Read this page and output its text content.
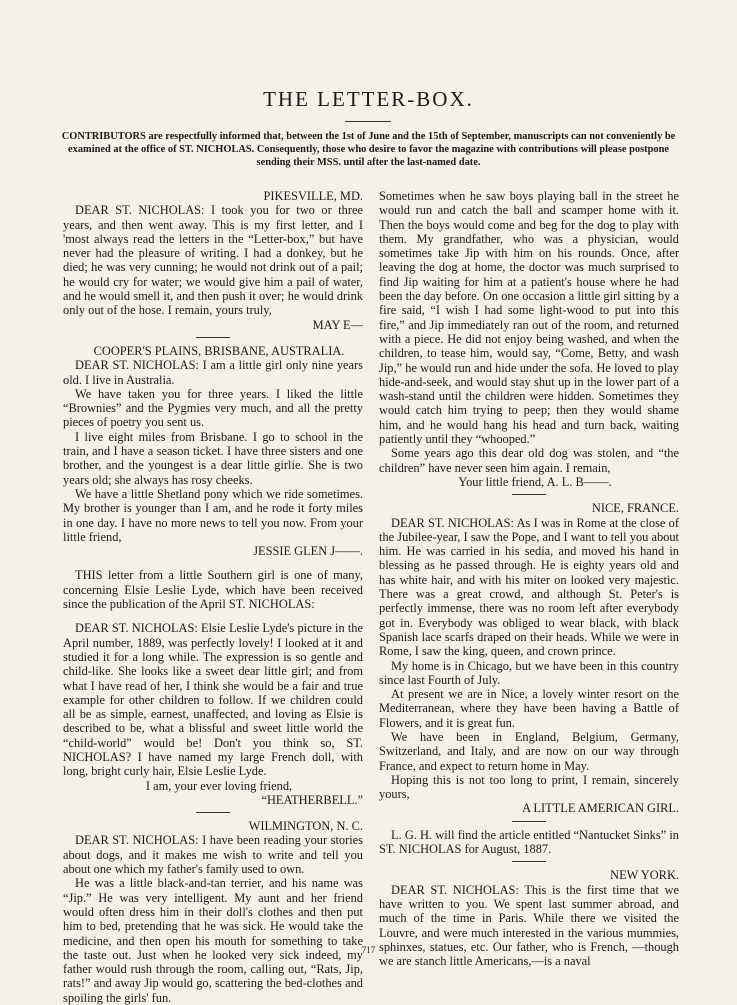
THE LETTER-BOX.
CONTRIBUTORS are respectfully informed that, between the 1st of June and the 15th of September, manuscripts can not conveniently be examined at the office of ST. NICHOLAS. Consequently, those who desire to favor the magazine with contributions will please postpone sending their MSS. until after the last-named date.

PIKESVILLE, MD.

DEAR ST. NICHOLAS: I took you for two or three years, and then went away. This is my first letter, and I 'most always read the letters in the “Letter-box,” but have never had the pleasure of writing. I had a donkey, but he died; he was very cunning; he would not drink out of a pail; he would cry for water; we would give him a pail of water, and he would smell it, and then push it over; he would drink only out of the hose. I remain, yours truly,

MAY E—

COOPER'S PLAINS, BRISBANE, AUSTRALIA.

DEAR ST. NICHOLAS: I am a little girl only nine years old. I live in Australia.

We have taken you for three years. I liked the little “Brownies” and the Pygmies very much, and all the pretty pieces of poetry you sent us.

I live eight miles from Brisbane. I go to school in the train, and I have a season ticket. I have three sisters and one brother, and the youngest is a dear little girlie. She is two years old; she always has rosy cheeks.

We have a little Shetland pony which we ride sometimes. My brother is younger than I am, and he rode it forty miles in one day. I have no more news to tell you now. From your little friend,

JESSIE GLEN J——.

THIS letter from a little Southern girl is one of many, concerning Elsie Leslie Lyde, which have been received since the publication of the April ST. NICHOLAS:

DEAR ST. NICHOLAS: Elsie Leslie Lyde's picture in the April number, 1889, was perfectly lovely! I looked at it and studied it for a long while. The expression is so gentle and child-like. She looks like a sweet dear little girl; and from what I have read of her, I think she would be a fair and true example for other children to follow. If we children could all be as simple, earnest, unaffected, and loving as Elsie is described to be, what a blissful and sweet little world the “child-world” would be! Don't you think so, ST. NICHOLAS? I have named my large French doll, with long, bright curly hair, Elsie Leslie Lyde.

I am, your ever loving friend,

“HEATHERBELL.”

WILMINGTON, N. C.

DEAR ST. NICHOLAS: I have been reading your stories about dogs, and it makes me wish to write and tell you about one which my father's family used to own.

He was a little black-and-tan terrier, and his name was “Jip.” He was very intelligent. My aunt and her friend would often dress him in their doll's clothes and then put him to bed, pretending that he was sick. He would take the medicine, and then open his mouth for something to take the taste out. Just when he looked very sick indeed, my father would rush through the room, calling out, “Rats, Jip, rats!” and away Jip would go, scattering the bed-clothes and spoiling the girls' fun.

Sometimes when he saw boys playing ball in the street he would run and catch the ball and scamper home with it. Then the boys would come and beg for the dog to play with them. My grandfather, who was a physician, would sometimes take Jip with him on his rounds. Once, after leaving the dog at home, the doctor was much surprised to find Jip waiting for him at a patient's house where he had been the day before. On one occasion a little girl sitting by a fire said, “I wish I had some light-wood to put into this fire,” and Jip immediately ran out of the room, and returned with a piece. He did not enjoy being washed, and when the children, to tease him, would say, “Come, Betty, and wash Jip,” he would run and hide under the sofa. He loved to play hide-and-seek, and would stay shut up in the lower part of a wash-stand until the children were hidden. Sometimes they would catch him trying to peep; then they would shame him, and he would hang his head and turn back, waiting patiently until they “whooped.”

Some years ago this dear old dog was stolen, and “the children” have never seen him again. I remain,

Your little friend, A. L. B——.

NICE, FRANCE.

DEAR ST. NICHOLAS: As I was in Rome at the close of the Jubilee-year, I saw the Pope, and I want to tell you about him. He was carried in his sedia, and moved his hand in blessing as he passed through. He is eighty years old and has white hair, and with his miter on looked very majestic. There was a great crowd, and although St. Peter's is perfectly immense, there was no room left after everybody got in. Everybody was obliged to wear black, with black Spanish lace scarfs draped on their heads. While we were in Rome, I saw the king, queen, and crown prince.

My home is in Chicago, but we have been in this country since last Fourth of July.

At present we are in Nice, a lovely winter resort on the Mediterranean, where they have been having a Battle of Flowers, and it is great fun.

We have been in England, Belgium, Germany, Switzerland, and Italy, and are now on our way through France, and expect to return home in May.

Hoping this is not too long to print, I remain, sincerely yours,

A LITTLE AMERICAN GIRL.

L. G. H. will find the article entitled “Nantucket Sinks” in ST. NICHOLAS for August, 1887.

NEW YORK.

DEAR ST. NICHOLAS: This is the first time that we have written to you. We spent last summer abroad, and much of the time in Paris. While there we visited the Louvre, and were much interested in the various mummies, sphinxes, statues, etc. Our father, who is French, —though we are stanch little Americans,—is a naval

717
